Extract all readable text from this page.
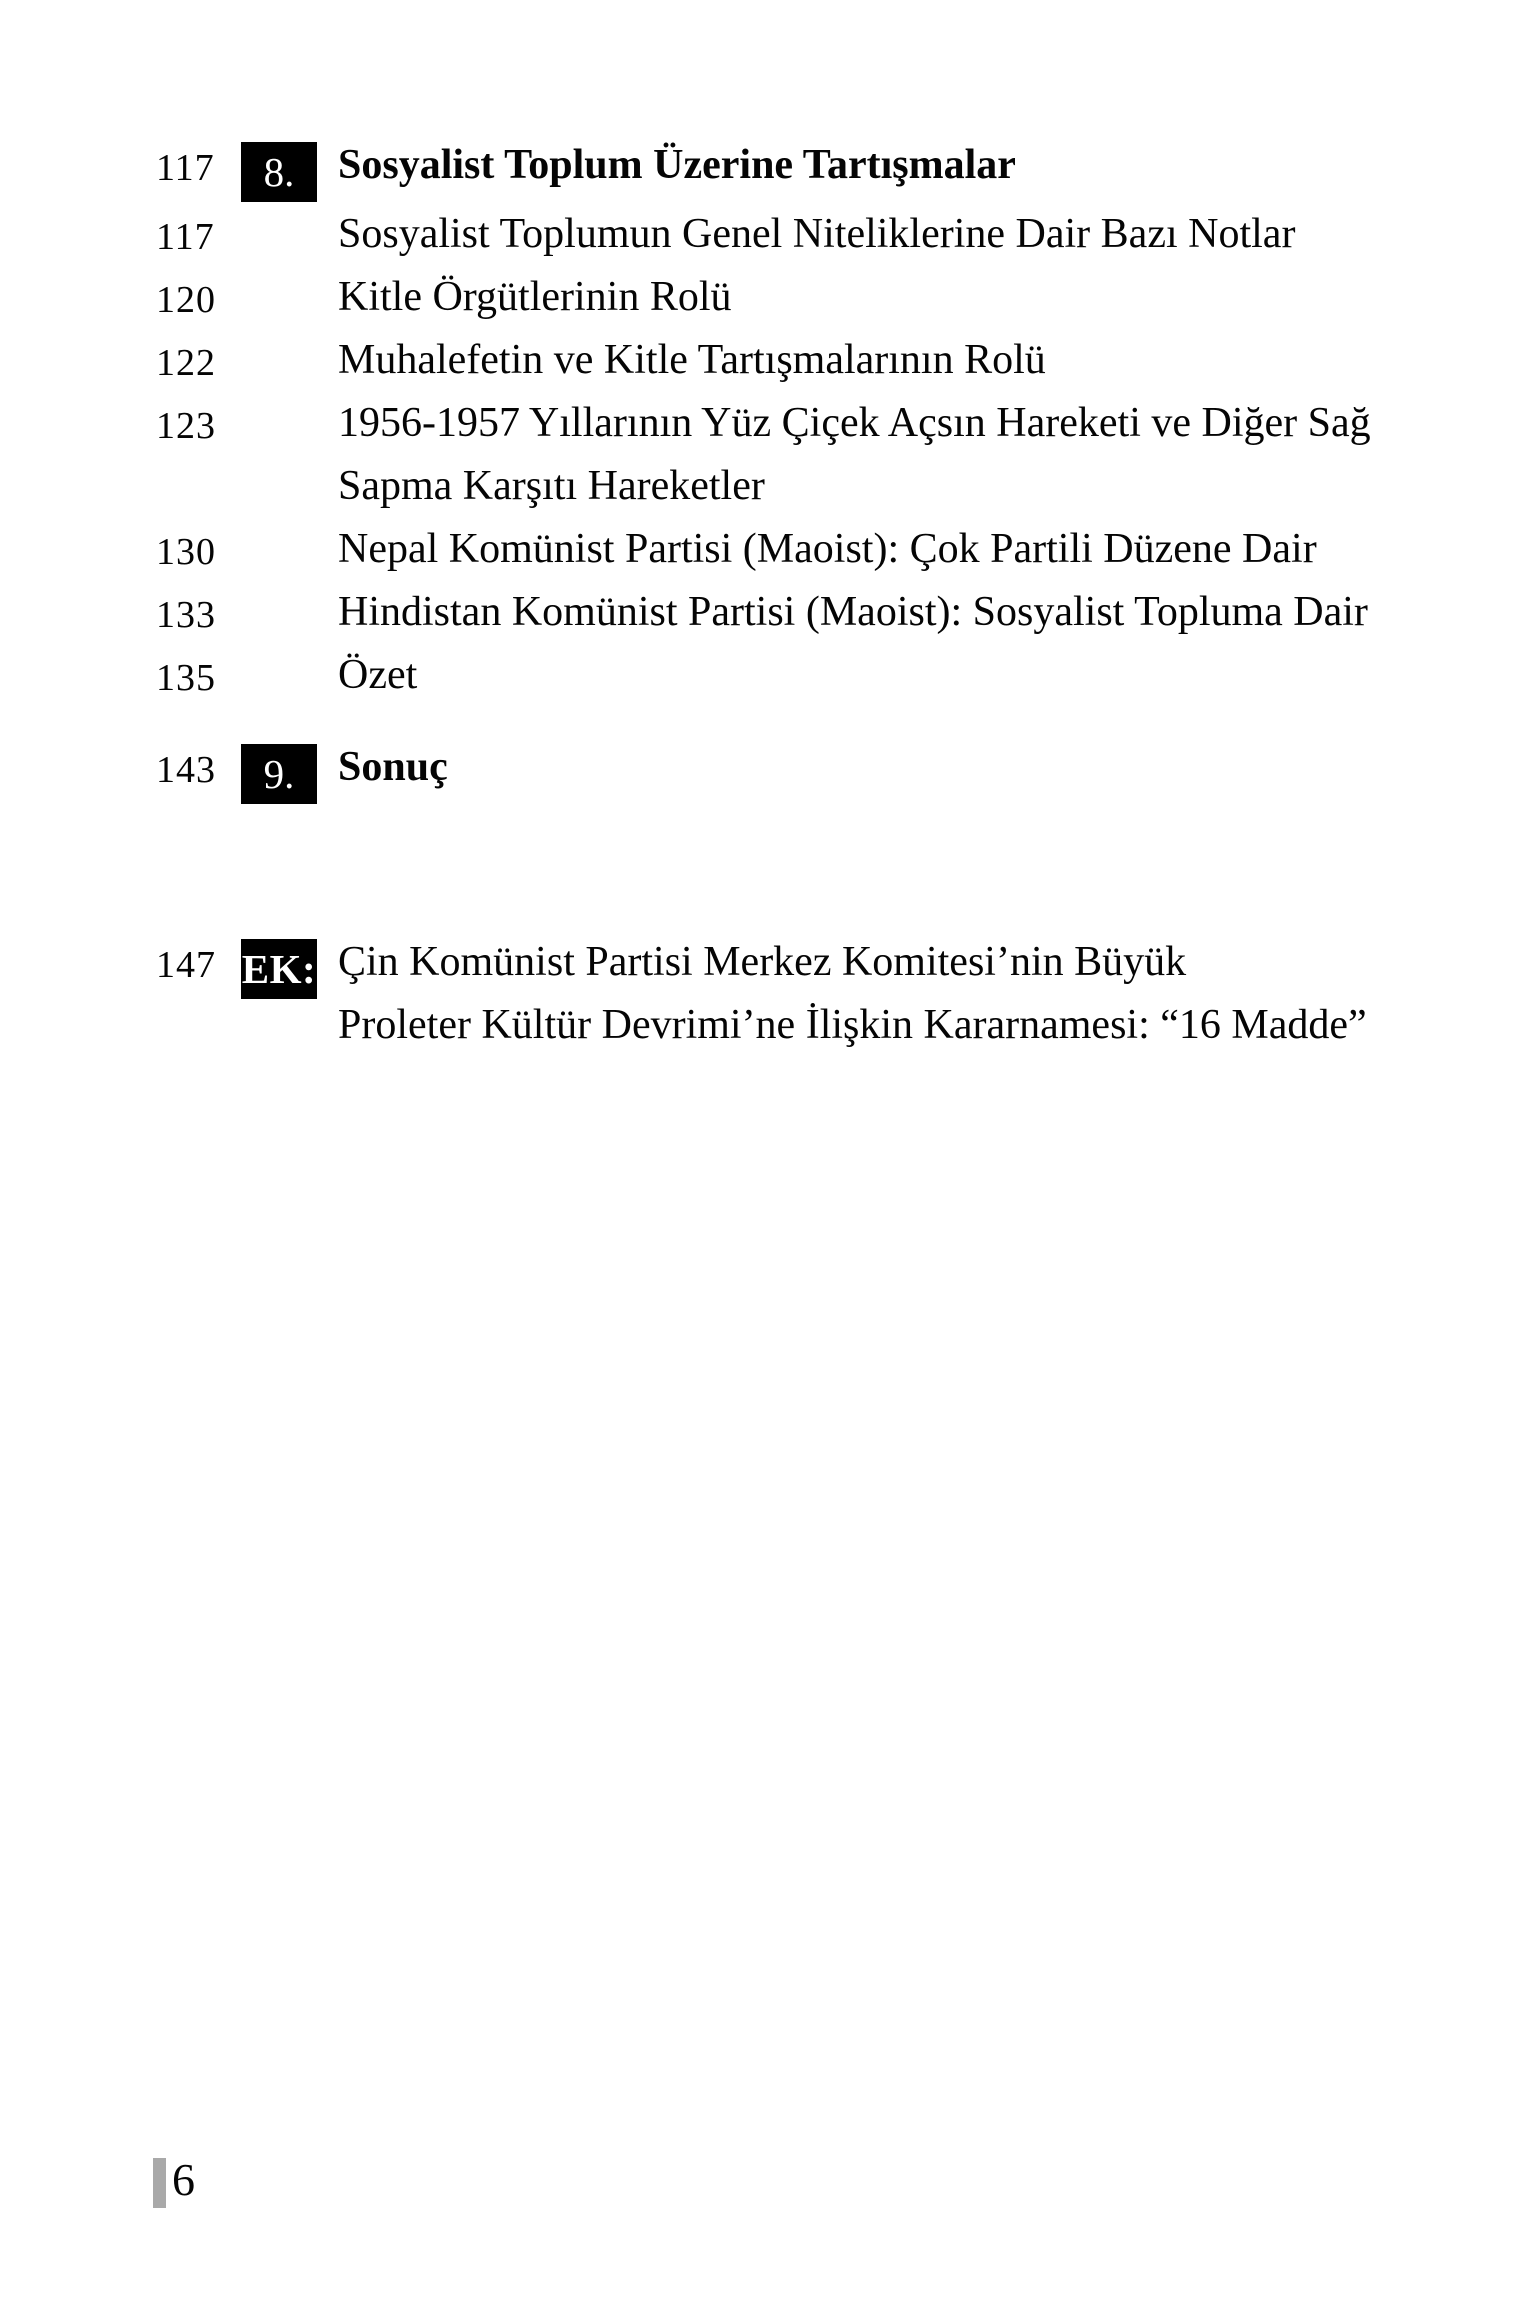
117	8.	Sosyalist Toplum Üzerine Tartışmalar
117	Sosyalist Toplumun Genel Niteliklerine Dair Bazı Notlar
120	Kitle Örgütlerinin Rolü
122	Muhalefetin ve Kitle Tartışmalarının Rolü
123	1956-1957 Yıllarının Yüz Çiçek Açsın Hareketi ve Diğer Sağ
Sapma Karşıtı Hareketler
130	Nepal Komünist Partisi (Maoist): Çok Partili Düzene Dair
133	Hindistan Komünist Partisi (Maoist): Sosyalist Topluma Dair
135	Özet
143	9.	Sonuç
147 EK: Çin Komünist Partisi Merkez Komitesi’nin Büyük
Proleter Kültür Devrimi’ne İlişkin Kararnamesi: “16 Madde”
6
